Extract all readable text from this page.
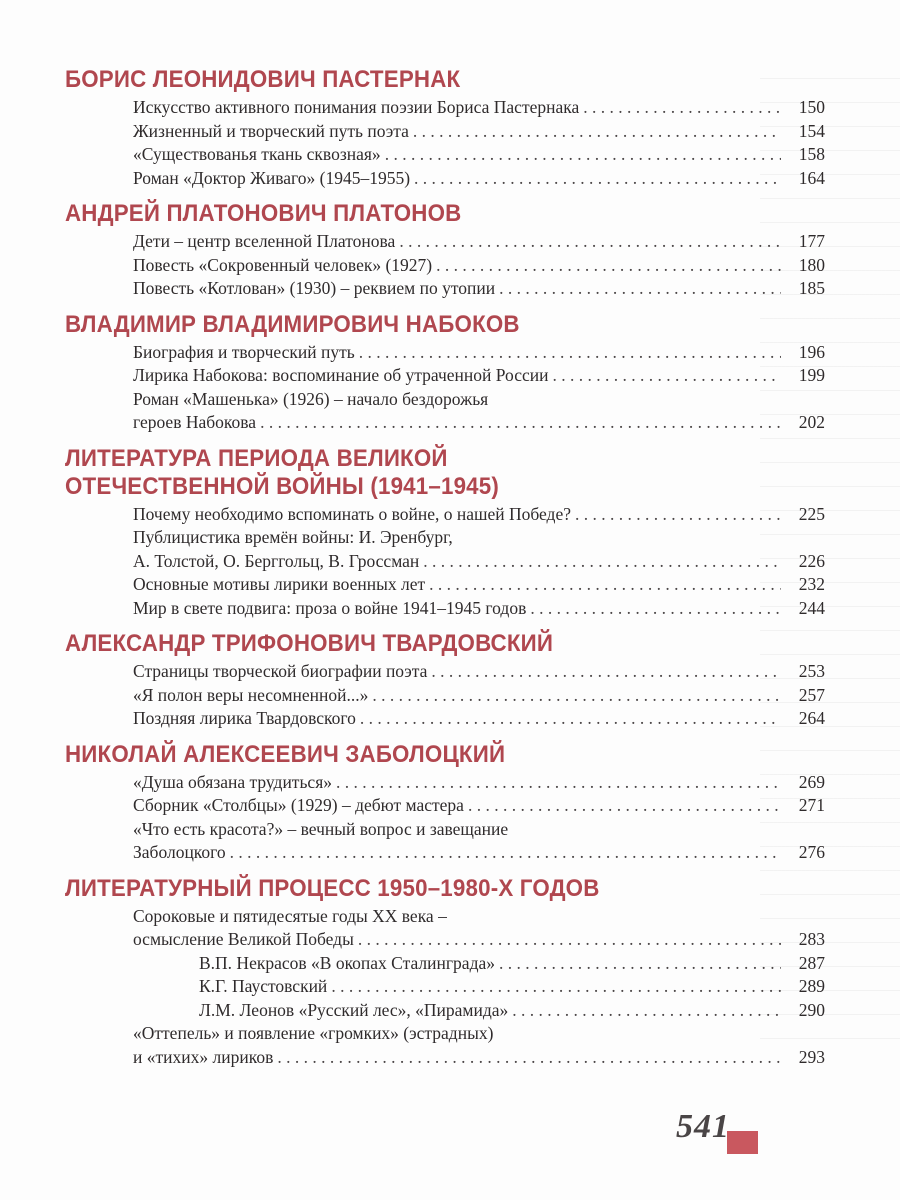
БОРИС ЛЕОНИДОВИЧ ПАСТЕРНАК
Искусство активного понимания поэзии Бориса Пастернака . . .	150
Жизненный и творческий путь поэта . . .	154
«Существованья ткань сквозная» . . .	158
Роман «Доктор Живаго» (1945–1955) . . .	164
АНДРЕЙ ПЛАТОНОВИЧ ПЛАТОНОВ
Дети – центр вселенной Платонова . . .	177
Повесть «Сокровенный человек» (1927) . . .	180
Повесть «Котлован» (1930) – реквием по утопии . . .	185
ВЛАДИМИР ВЛАДИМИРОВИЧ НАБОКОВ
Биография и творческий путь . . .	196
Лирика Набокова: воспоминание об утраченной России . . .	199
Роман «Машенька» (1926) – начало бездорожья
героев Набокова . . .	202
ЛИТЕРАТУРА ПЕРИОДА ВЕЛИКОЙ
ОТЕЧЕСТВЕННОЙ ВОЙНЫ (1941–1945)
Почему необходимо вспоминать о войне, о нашей Победе? . . .	225
Публицистика времён войны: И. Эренбург,
А. Толстой, О. Берггольц, В. Гроссман . . .	226
Основные мотивы лирики военных лет . . .	232
Мир в свете подвига: проза о войне 1941–1945 годов . . .	244
АЛЕКСАНДР ТРИФОНОВИЧ ТВАРДОВСКИЙ
Страницы творческой биографии поэта . . .	253
«Я полон веры несомненной...» . . .	257
Поздняя лирика Твардовского . . .	264
НИКОЛАЙ АЛЕКСЕЕВИЧ ЗАБОЛОЦКИЙ
«Душа обязана трудиться» . . .	269
Сборник «Столбцы» (1929) – дебют мастера . . .	271
«Что есть красота?» – вечный вопрос и завещание
Заболоцкого . . .	276
ЛИТЕРАТУРНЫЙ ПРОЦЕСС 1950–1980-Х ГОДОВ
Сороковые и пятидесятые годы XX века –
осмысление Великой Победы . . .	283
В.П. Некрасов «В окопах Сталинграда» . . .	287
К.Г. Паустовский . . .	289
Л.М. Леонов «Русский лес», «Пирамида» . . .	290
«Оттепель» и появление «громких» (эстрадных)
и «тихих» лириков . . .	293
541
